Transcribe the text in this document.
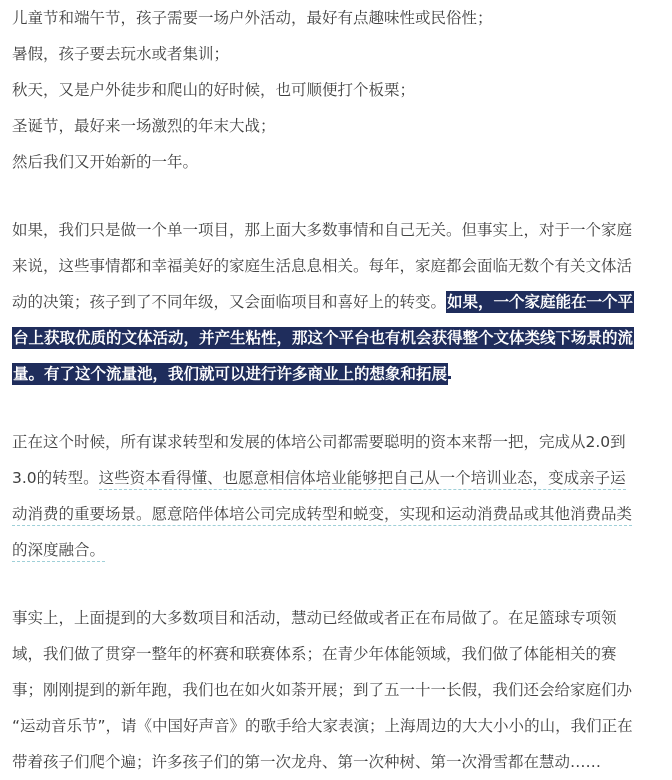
儿童节和端午节，孩子需要一场户外活动，最好有点趣味性或民俗性；
暑假，孩子要去玩水或者集训；
秋天，又是户外徒步和爬山的好时候，也可顺便打个板栗；
圣诞节，最好来一场激烈的年末大战；
然后我们又开始新的一年。
如果，我们只是做一个单一项目，那上面大多数事情和自己无关。但事实上，对于一个家庭
来说，这些事情都和幸福美好的家庭生活息息相关。每年，家庭都会面临无数个有关文体活
动的决策；孩子到了不同年级，又会面临项目和喜好上的转变。如果，一个家庭能在一个平
台上获取优质的文体活动，并产生粘性，那这个平台也有机会获得整个文体类线下场景的流
量。有了这个流量池，我们就可以进行许多商业上的想象和拓展
正在这个时候，所有谋求转型和发展的体培公司都需要聪明的资本来帮一把，完成从2.0到
3.0的转型。这些资本看得懂、也愿意相信体培业能够把自己从一个培训业态，变成亲子运
动消费的重要场景。愿意陪伴体培公司完成转型和蜕变，实现和运动消费品或其他消费品类
的深度融合。
事实上，上面提到的大多数项目和活动，慧动已经做或者正在布局做了。在足篮球专项领
域，我们做了贯穿一整年的杯赛和联赛体系；在青少年体能领域，我们做了体能相关的赛
事；刚刚提到的新年跑，我们也在如火如荼开展；到了五一十一长假，我们还会给家庭们办
“运动音乐节”，请《中国好声音》的歌手给大家表演；上海周边的大大小小的山，我们正在
带着孩子们爬个遍；许多孩子们的第一次龙舟、第一次种树、第一次滑雪都在慧动……
